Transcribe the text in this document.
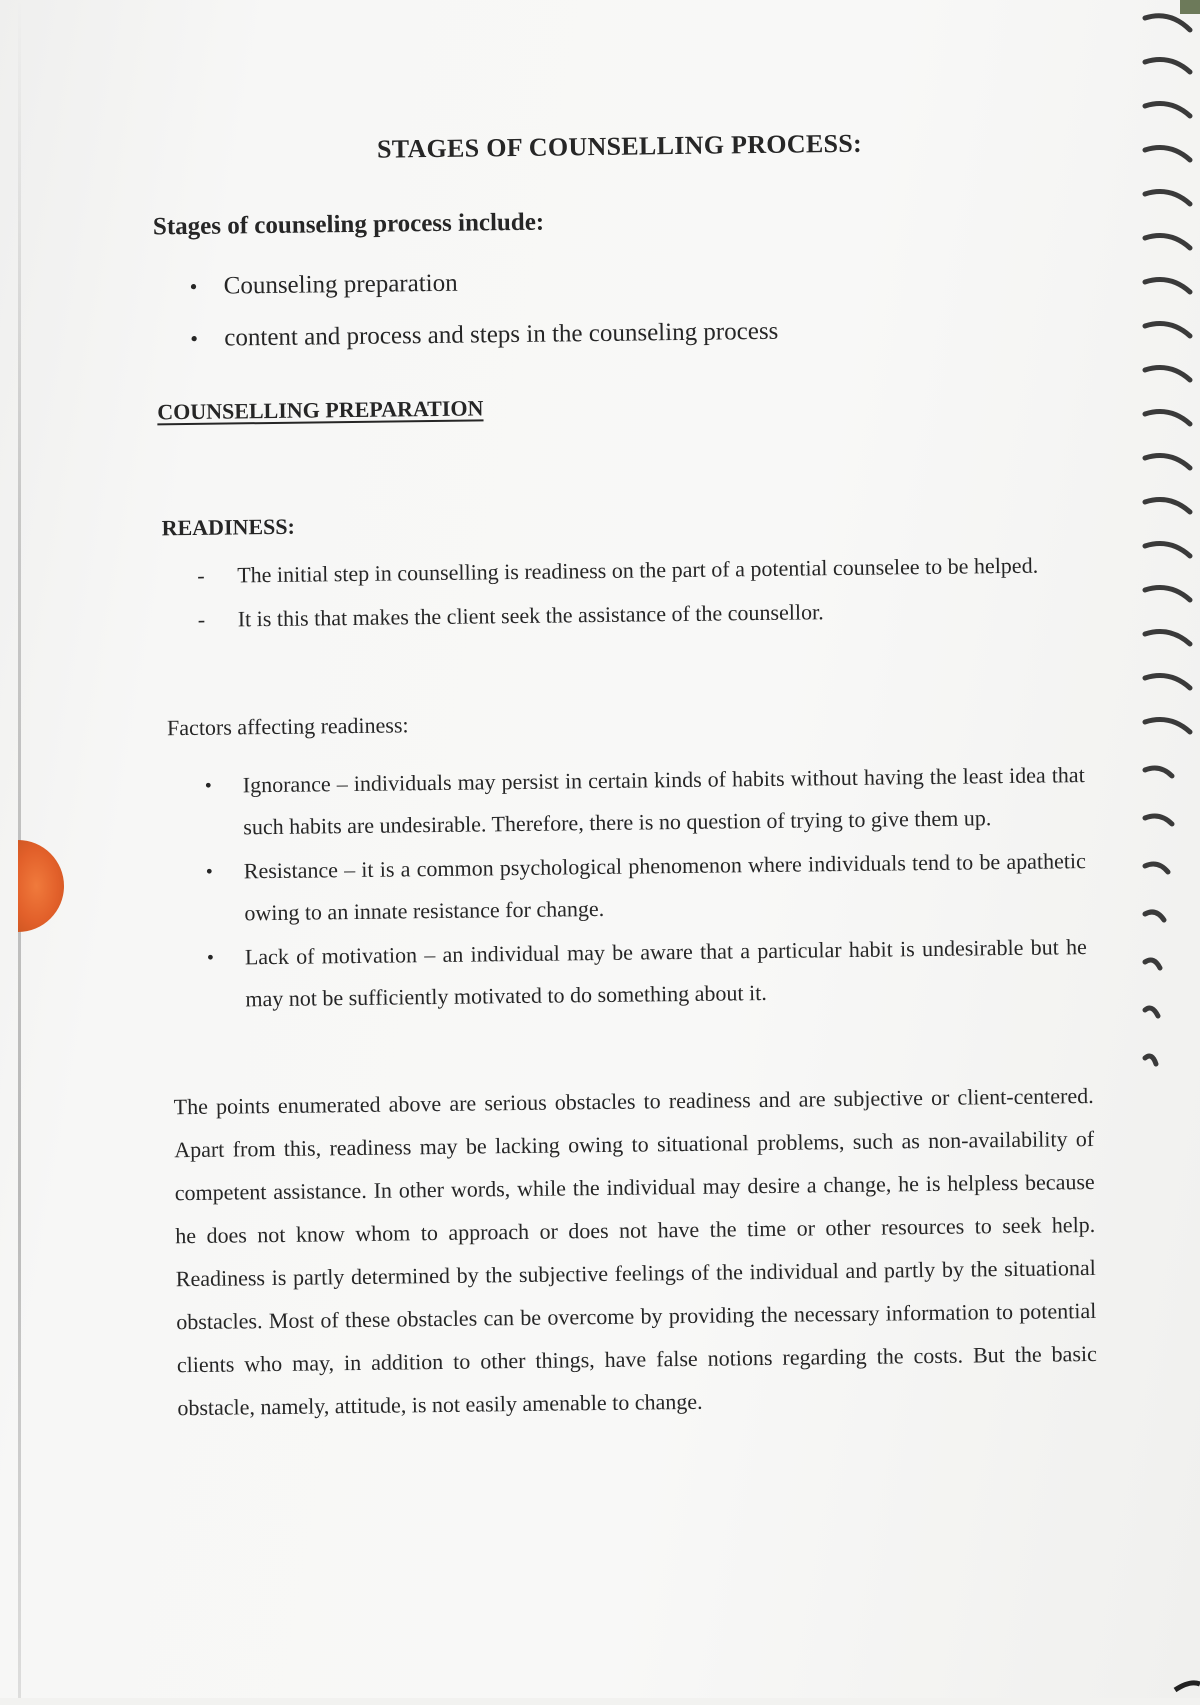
STAGES OF COUNSELLING PROCESS:

Stages of counseling process include:

• Counseling preparation
• content and process and steps in the counseling process

COUNSELLING PREPARATION

READINESS:

- The initial step in counselling is readiness on the part of a potential counselee to be helped.
- It is this that makes the client seek the assistance of the counsellor.

Factors affecting readiness:

• Ignorance – individuals may persist in certain kinds of habits without having the least idea that such habits are undesirable. Therefore, there is no question of trying to give them up.
• Resistance – it is a common psychological phenomenon where individuals tend to be apathetic owing to an innate resistance for change.
• Lack of motivation – an individual may be aware that a particular habit is undesirable but he may not be sufficiently motivated to do something about it.

The points enumerated above are serious obstacles to readiness and are subjective or client-centered. Apart from this, readiness may be lacking owing to situational problems, such as non-availability of competent assistance. In other words, while the individual may desire a change, he is helpless because he does not know whom to approach or does not have the time or other resources to seek help. Readiness is partly determined by the subjective feelings of the individual and partly by the situational obstacles. Most of these obstacles can be overcome by providing the necessary information to potential clients who may, in addition to other things, have false notions regarding the costs. But the basic obstacle, namely, attitude, is not easily amenable to change.
